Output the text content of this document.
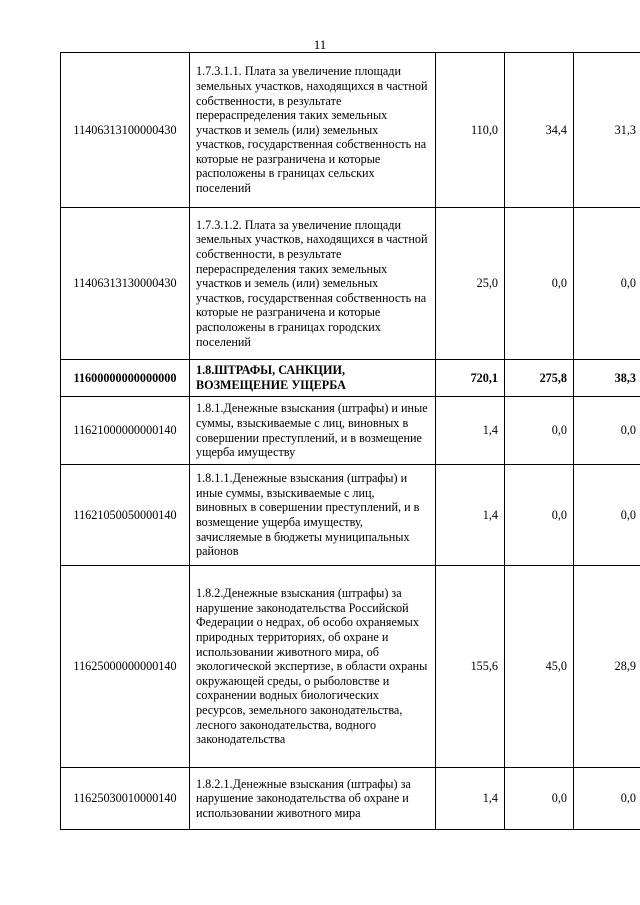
11
11406313100000430	1.7.3.1.1. Плата за увеличение площади земельных участков, находящихся в частной собственности, в результате перераспределения таких земельных участков и земель (или) земельных участков, государственная собственность на которые не разграничена и которые расположены в границах сельских поселений	110,0	34,4	31,3
11406313130000430	1.7.3.1.2. Плата за увеличение площади земельных участков, находящихся в частной собственности, в результате перераспределения таких земельных участков и земель (или) земельных участков, государственная собственность на которые не разграничена и которые расположены в границах городских поселений	25,0	0,0	0,0
11600000000000000	1.8.ШТРАФЫ, САНКЦИИ, ВОЗМЕЩЕНИЕ УЩЕРБА	720,1	275,8	38,3
11621000000000140	1.8.1.Денежные взыскания (штрафы) и иные суммы, взыскиваемые с лиц, виновных в совершении преступлений, и в возмещение ущерба имуществу	1,4	0,0	0,0
11621050050000140	1.8.1.1.Денежные взыскания (штрафы) и иные суммы, взыскиваемые с лиц, виновных в совершении преступлений, и в возмещение ущерба имуществу, зачисляемые в бюджеты муниципальных районов	1,4	0,0	0,0
11625000000000140	1.8.2.Денежные взыскания (штрафы) за нарушение законодательства Российской Федерации о недрах, об особо охраняемых природных территориях, об охране и использовании животного мира, об экологической экспертизе, в области охраны окружающей среды, о рыболовстве и сохранении водных биологических ресурсов, земельного законодательства, лесного законодательства, водного законодательства	155,6	45,0	28,9
11625030010000140	1.8.2.1.Денежные взыскания (штрафы) за нарушение законодательства об охране и использовании животного мира	1,4	0,0	0,0
